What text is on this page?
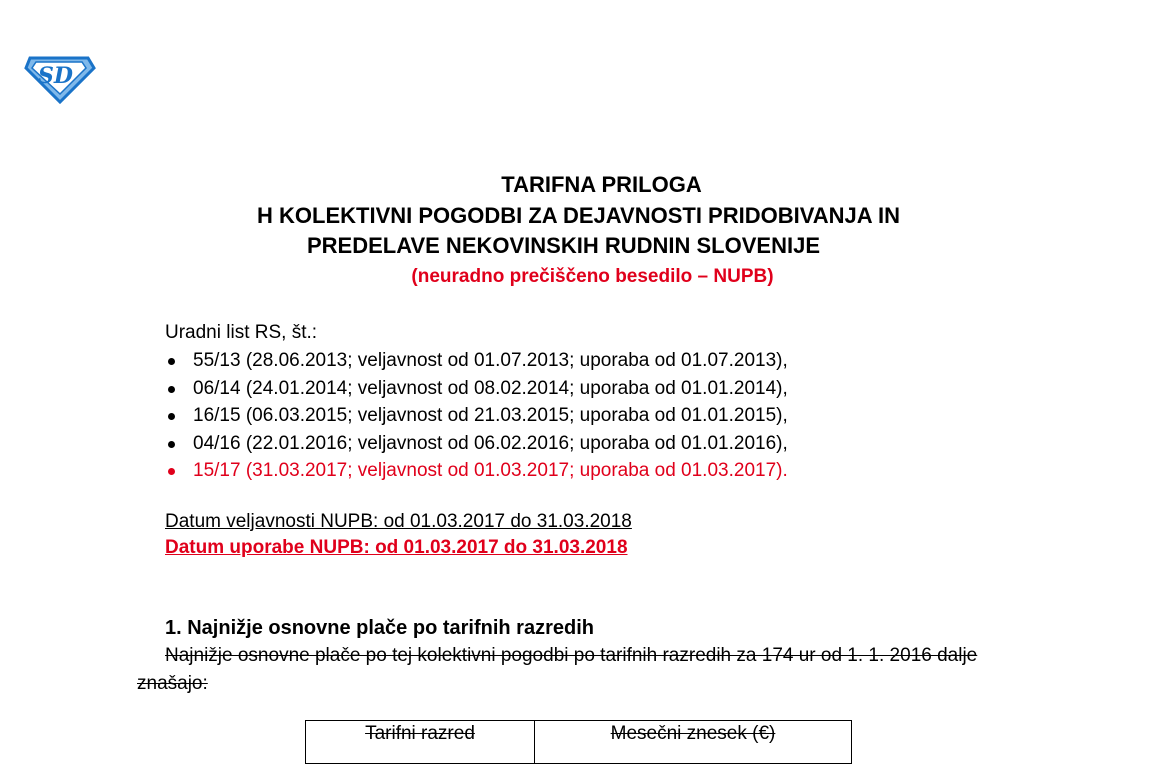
SD
TARIFNA PRILOGA
H KOLEKTIVNI POGODBI ZA DEJAVNOSTI PRIDOBIVANJA IN
PREDELAVE NEKOVINSKIH RUDNIN SLOVENIJE
(neuradno prečiščeno besedilo – NUPB)
Uradni list RS, št.:
55/13 (28.06.2013; veljavnost od 01.07.2013; uporaba od 01.07.2013),
06/14 (24.01.2014; veljavnost od 08.02.2014; uporaba od 01.01.2014),
16/15 (06.03.2015; veljavnost od 21.03.2015; uporaba od 01.01.2015),
04/16 (22.01.2016; veljavnost od 06.02.2016; uporaba od 01.01.2016),
15/17 (31.03.2017; veljavnost od 01.03.2017; uporaba od 01.03.2017).
Datum veljavnosti NUPB: od 01.03.2017 do 31.03.2018
Datum uporabe NUPB: od 01.03.2017 do 31.03.2018
1. Najnižje osnovne plače po tarifnih razredih

Najnižje osnovne plače po tej kolektivni pogodbi po tarifnih razredih za 174 ur od 1. 1. 2016 dalje znašajo:

Tarifni razred	Mesečni znesek (€)
